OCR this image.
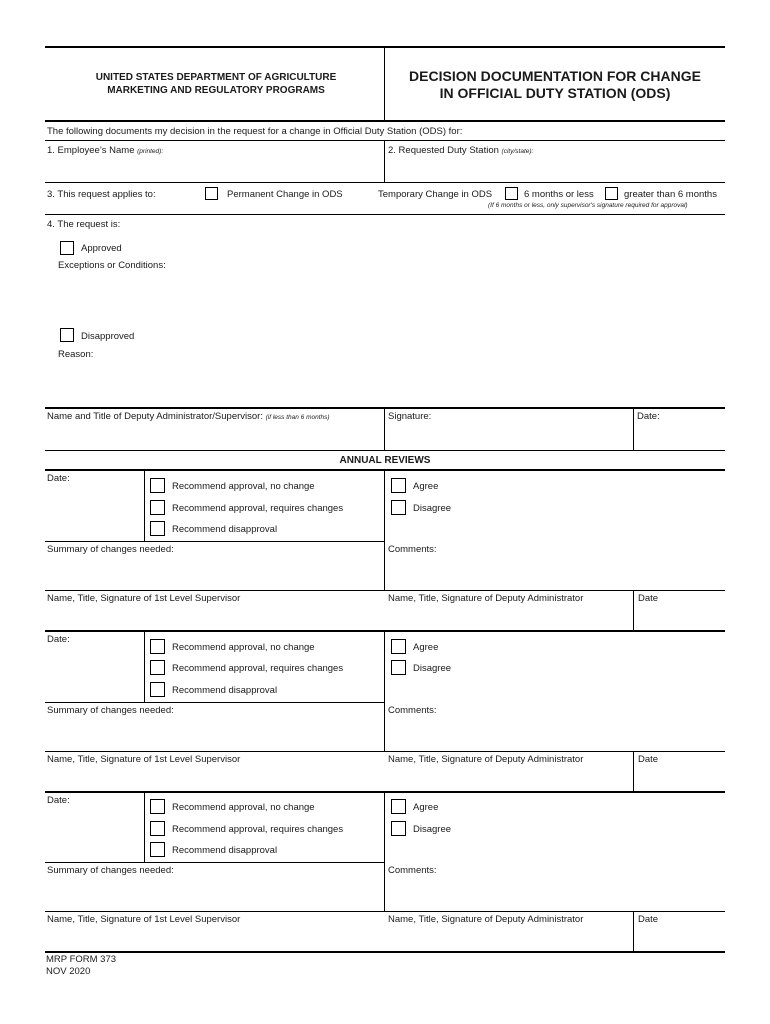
UNITED STATES DEPARTMENT OF AGRICULTURE
MARKETING AND REGULATORY PROGRAMS
DECISION DOCUMENTATION FOR CHANGE
IN OFFICIAL DUTY STATION (ODS)
The following documents my decision in the request for a change in Official Duty Station (ODS) for:
1. Employee’s Name (printed):	2. Requested Duty Station (city/state):
3. This request applies to:	Permanent Change in ODS	Temporary Change in ODS	6 months or less	greater than 6 months
(If 6 months or less, only supervisor's signature required for approval)
4. The request is:
Approved
Exceptions or Conditions:
Disapproved
Reason:
Name and Title of Deputy Administrator/Supervisor: (if less than 6 months)	Signature:	Date:
ANNUAL REVIEWS
Date:
Recommend approval, no change
Recommend approval, requires changes
Recommend disapproval
Agree
Disagree
Summary of changes needed:	Comments:
Name, Title, Signature of 1st Level Supervisor	Name, Title, Signature of Deputy Administrator	Date
Date:
Recommend approval, no change
Recommend approval, requires changes
Recommend disapproval
Agree
Disagree
Summary of changes needed:	Comments:
Name, Title, Signature of 1st Level Supervisor	Name, Title, Signature of Deputy Administrator	Date
Date:
Recommend approval, no change
Recommend approval, requires changes
Recommend disapproval
Agree
Disagree
Summary of changes needed:	Comments:
Name, Title, Signature of 1st Level Supervisor	Name, Title, Signature of Deputy Administrator	Date
MRP FORM 373
NOV 2020
